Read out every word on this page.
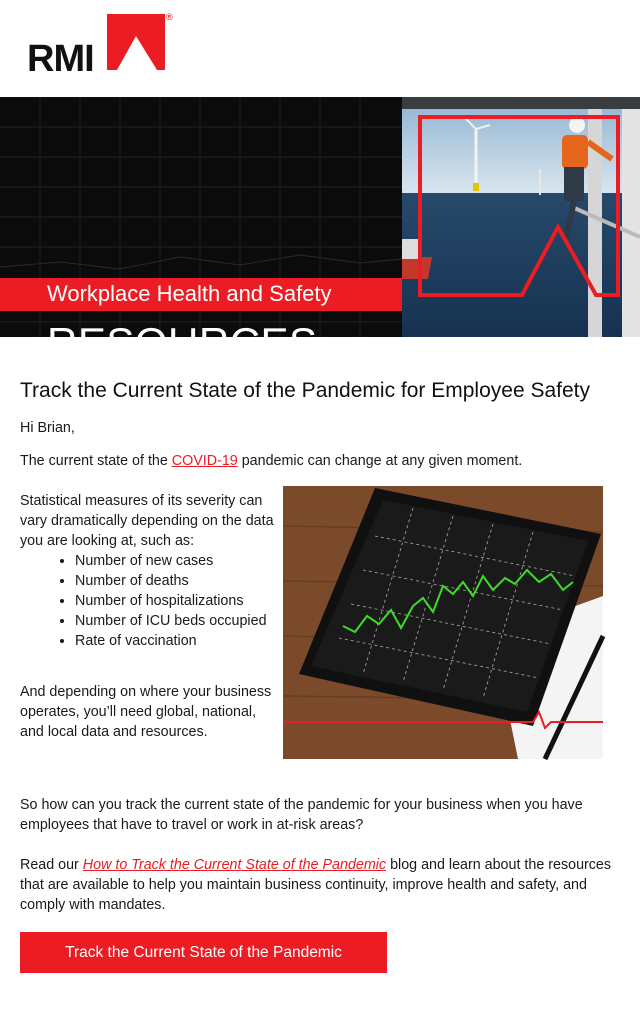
RMI
®
Workplace Health and Safety
RESOURCES
Track the Current State of the Pandemic for Employee Safety

Hi Brian,

The current state of the COVID-19 pandemic can change at any given moment.

Statistical measures of its severity can vary dramatically depending on the data you are looking at, such as:

• Number of new cases
• Number of deaths
• Number of hospitalizations
• Number of ICU beds occupied
• Rate of vaccination

And depending on where your business operates, you’ll need global, national, and local data and resources.

So how can you track the current state of the pandemic for your business when you have employees that have to travel or work in at-risk areas?

Read our How to Track the Current State of the Pandemic blog and learn about the resources that are available to help you maintain business continuity, improve health and safety, and comply with mandates.

Track the Current State of the Pandemic
